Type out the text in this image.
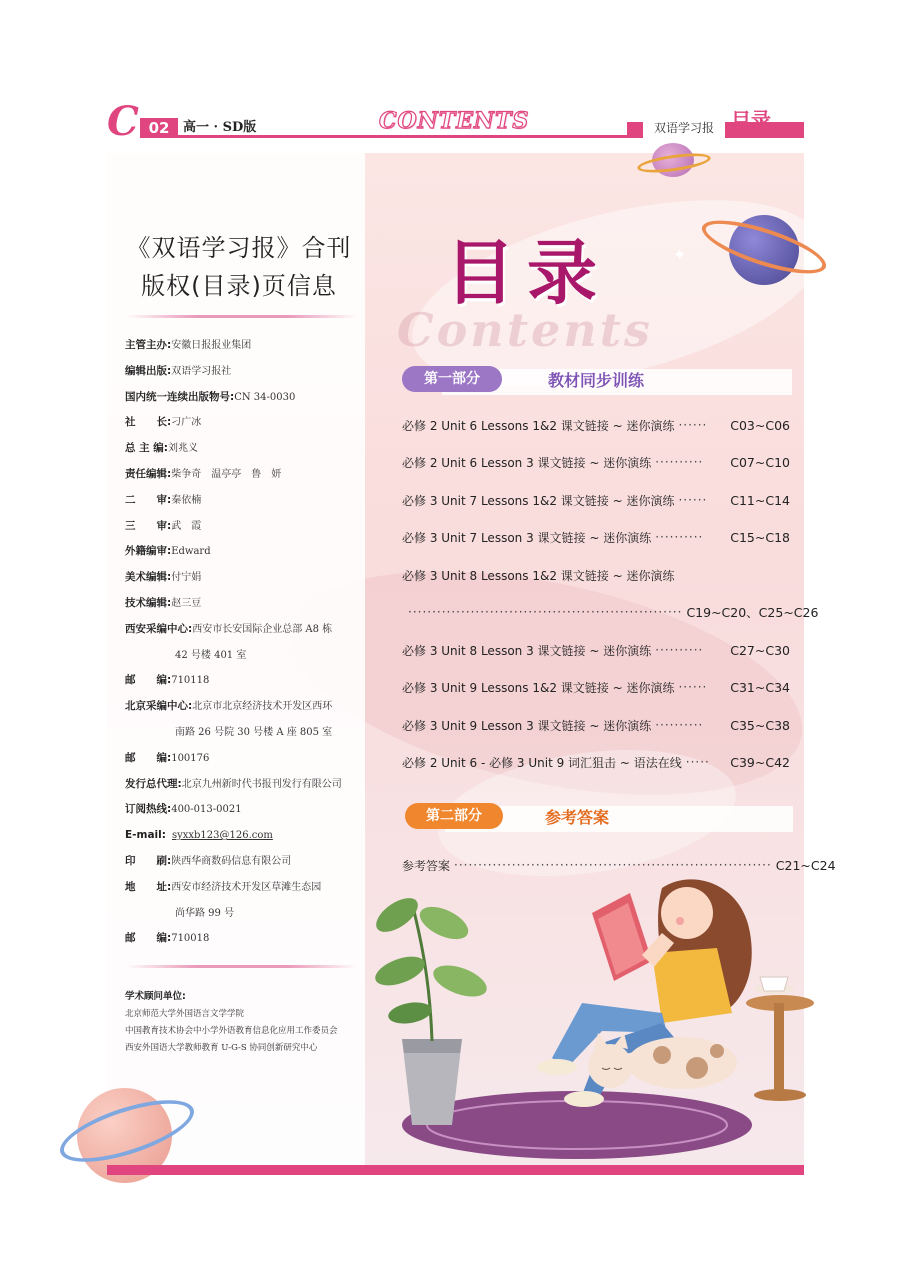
C 02	高一 · SD版	CONTENTS	双语学习报 目录
《双语学习报》合刊
版权(目录)页信息
主管主办: 安徽日报报业集团
编辑出版: 双语学习报社
国内统一连续出版物号: CN 34-0030
社　　长: 刁广冰
总 主 编: 刘兆义
责任编辑: 柴争奇　温亭亭　鲁　妍
二　　审: 秦依楠
三　　审: 武　霞
外籍编审: Edward
美术编辑: 付宁娟
技术编辑: 赵三豆
西安采编中心: 西安市长安国际企业总部 A8 栋
42 号楼 401 室
邮　　编: 710118
北京采编中心: 北京市北京经济技术开发区西环
南路 26 号院 30 号楼 A 座 805 室
邮　　编: 100176
发行总代理: 北京九州新时代书报刊发行有限公司
订阅热线: 400-013-0021
E-mail: syxxb123@126.com
印　　刷: 陕西华商数码信息有限公司
地　　址: 西安市经济技术开发区草滩生态园
尚华路 99 号
邮　　编: 710018
学术顾问单位:
北京师范大学外国语言文学学院
中国教育技术协会中小学外语教育信息化应用工作委员会
西安外国语大学教师教育 U-G-S 协同创新研究中心
✦
Contents
目录
第一部分	教材同步训练
必修 2 Unit 6 Lessons 1&2 课文链接 ~ 迷你演练 ······	C03~C06
必修 2 Unit 6 Lesson 3 课文链接 ~ 迷你演练 ··········	C07~C10
必修 3 Unit 7 Lessons 1&2 课文链接 ~ 迷你演练 ······	C11~C14
必修 3 Unit 7 Lesson 3 课文链接 ~ 迷你演练 ··········	C15~C18
必修 3 Unit 8 Lessons 1&2 课文链接 ~ 迷你演练
························································· C19~C20、C25~C26
必修 3 Unit 8 Lesson 3 课文链接 ~ 迷你演练 ··········	C27~C30
必修 3 Unit 9 Lessons 1&2 课文链接 ~ 迷你演练 ······	C31~C34
必修 3 Unit 9 Lesson 3 课文链接 ~ 迷你演练 ··········	C35~C38
必修 2 Unit 6 - 必修 3 Unit 9 词汇狙击 ~ 语法在线 ·····	C39~C42
第二部分	参考答案
参考答案 ·································································· C21~C24
